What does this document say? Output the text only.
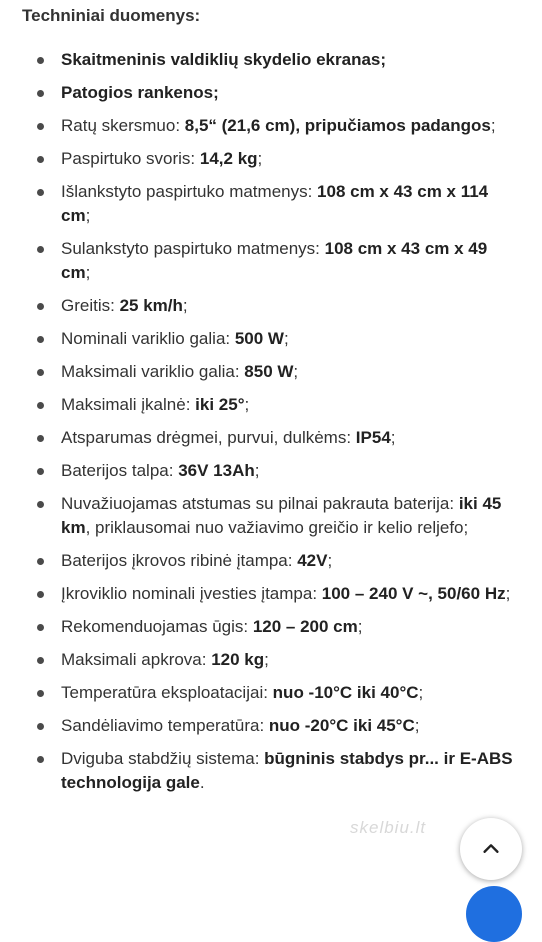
Techniniai duomenys:
Skaitmeninis valdiklių skydelio ekranas;
Patogios rankenos;
Ratų skersmuo: 8,5“ (21,6 cm), pripučiamos padangos;
Paspirtuko svoris: 14,2 kg;
Išlankstyto paspirtuko matmenys: 108 cm x 43 cm x 114 cm;
Sulankstyto paspirtuko matmenys: 108 cm x 43 cm x 49 cm;
Greitis: 25 km/h;
Nominali variklio galia: 500 W;
Maksimali variklio galia: 850 W;
Maksimali įkalnė: iki 25°;
Atsparumas drėgmei, purvui, dulkėms: IP54;
Baterijos talpa: 36V 13Ah;
Nuvažiuojamas atstumas su pilnai pakrauta baterija: iki 45 km, priklausomai nuo važiavimo greičio ir kelio reljefo;
Baterijos įkrovos ribinė įtampa: 42V;
Įkroviklio nominali įvesties įtampa: 100 – 240 V ~, 50/60 Hz;
Rekomenduojamas ūgis: 120 – 200 cm;
Maksimali apkrova: 120 kg;
Temperatūra eksploatacijai: nuo -10°C iki 40°C;
Sandėliavimo temperatūra: nuo -20°C iki 45°C;
Dviguba stabdžių sistema: būgninis stabdys pr... ir E-ABS technologija gale.
skelbiu.lt
